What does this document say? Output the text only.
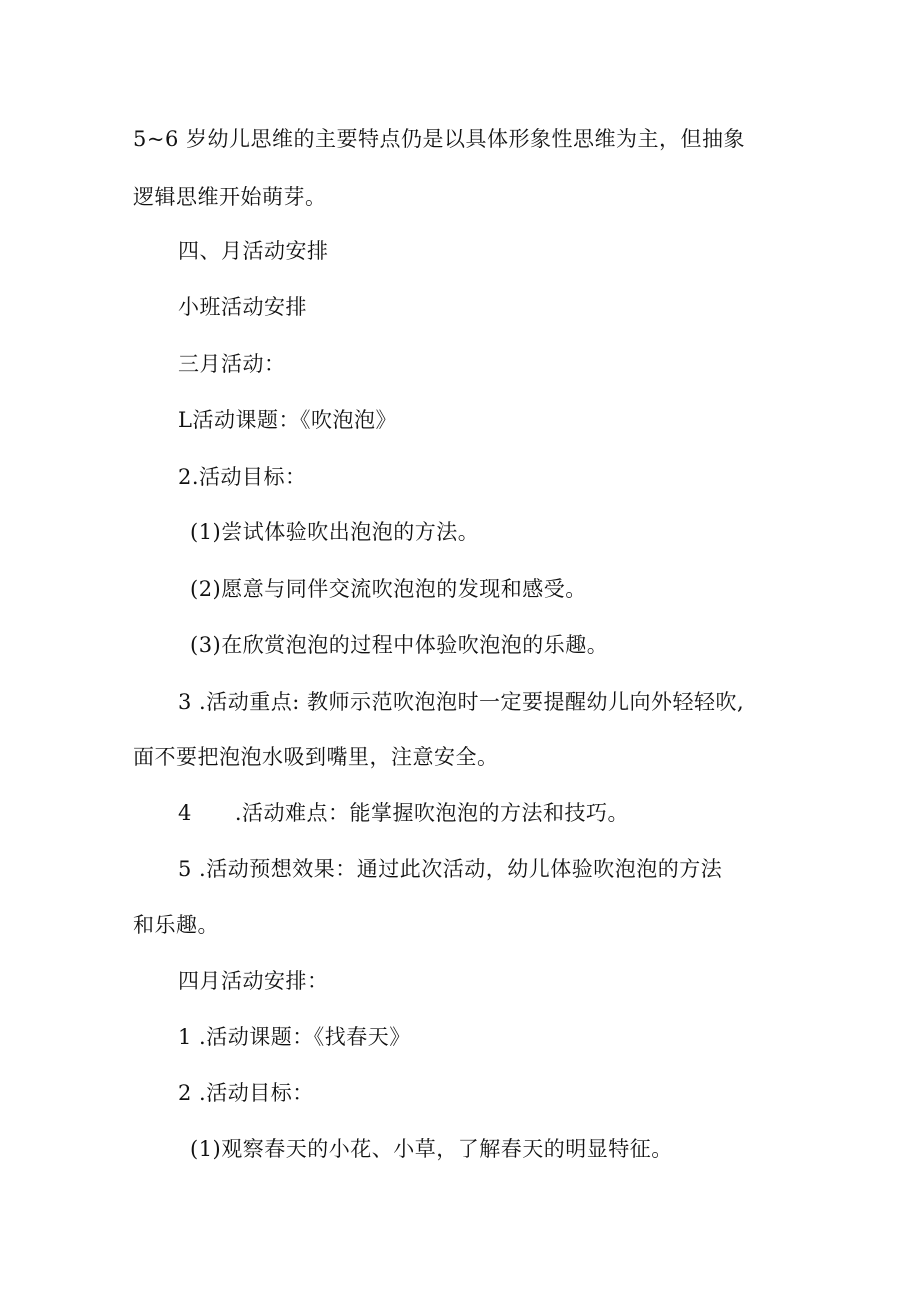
5~6 岁幼儿思维的主要特点仍是以具体形象性思维为主，但抽象
逻辑思维开始萌芽。
四、月活动安排
小班活动安排
三月活动：
L活动课题：《吹泡泡》
2.活动目标：
(1)尝试体验吹出泡泡的方法。
(2)愿意与同伴交流吹泡泡的发现和感受。
(3)在欣赏泡泡的过程中体验吹泡泡的乐趣。
3 .活动重点: 教师示范吹泡泡时一定要提醒幼儿向外轻轻吹,
面不要把泡泡水吸到嘴里，注意安全。
4　　.活动难点：能掌握吹泡泡的方法和技巧。
5 .活动预想效果：通过此次活动，幼儿体验吹泡泡的方法
和乐趣。
四月活动安排：
1 .活动课题：《找春天》
2 .活动目标：
(1)观察春天的小花、小草，了解春天的明显特征。
